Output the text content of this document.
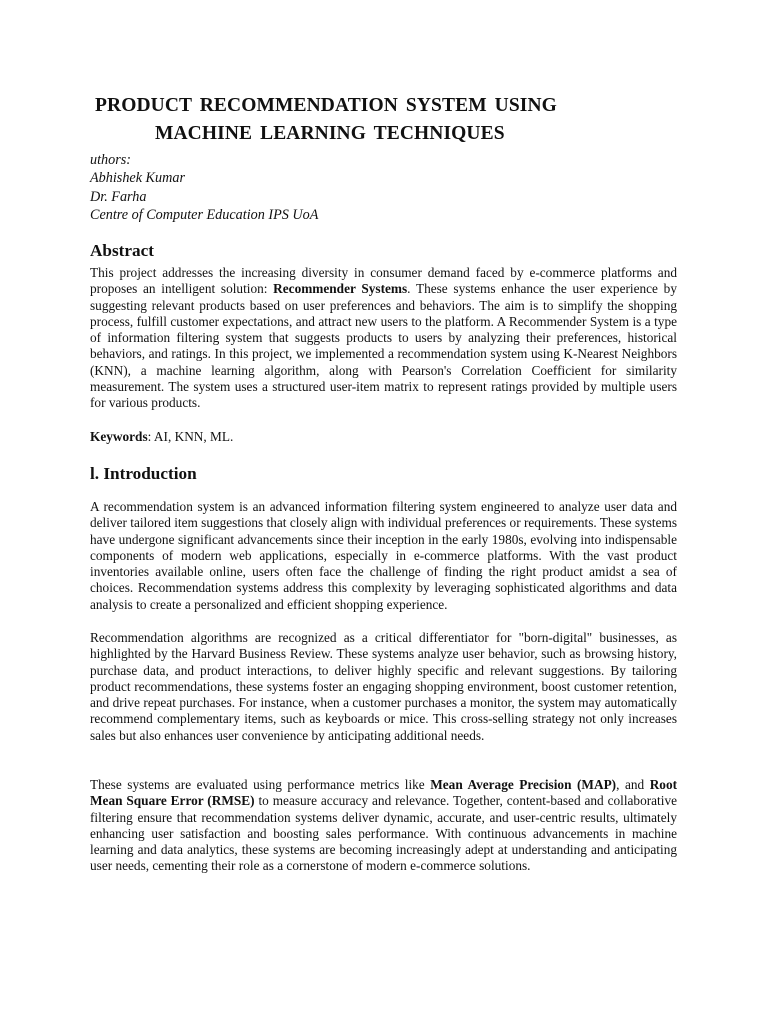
PRODUCT RECOMMENDATION SYSTEM USING
MACHINE LEARNING TECHNIQUES
uthors:
Abhishek Kumar
Dr. Farha
Centre of Computer Education IPS UoA
Abstract

This project addresses the increasing diversity in consumer demand faced by e-commerce platforms and proposes an intelligent solution: Recommender Systems. These systems enhance the user experience by suggesting relevant products based on user preferences and behaviors. The aim is to simplify the shopping process, fulfill customer expectations, and attract new users to the platform. A Recommender System is a type of information filtering system that suggests products to users by analyzing their preferences, historical behaviors, and ratings. In this project, we implemented a recommendation system using K-Nearest Neighbors (KNN), a machine learning algorithm, along with Pearson's Correlation Coefficient for similarity measurement. The system uses a structured user-item matrix to represent ratings provided by multiple users for various products.

Keywords: AI, KNN, ML.

l. Introduction

A recommendation system is an advanced information filtering system engineered to analyze user data and deliver tailored item suggestions that closely align with individual preferences or requirements. These systems have undergone significant advancements since their inception in the early 1980s, evolving into indispensable components of modern web applications, especially in e-commerce platforms. With the vast product inventories available online, users often face the challenge of finding the right product amidst a sea of choices. Recommendation systems address this complexity by leveraging sophisticated algorithms and data analysis to create a personalized and efficient shopping experience.

Recommendation algorithms are recognized as a critical differentiator for "born-digital" businesses, as highlighted by the Harvard Business Review. These systems analyze user behavior, such as browsing history, purchase data, and product interactions, to deliver highly specific and relevant suggestions. By tailoring product recommendations, these systems foster an engaging shopping environment, boost customer retention, and drive repeat purchases. For instance, when a customer purchases a monitor, the system may automatically recommend complementary items, such as keyboards or mice. This cross-selling strategy not only increases sales but also enhances user convenience by anticipating additional needs.

These systems are evaluated using performance metrics like Mean Average Precision (MAP), and Root Mean Square Error (RMSE) to measure accuracy and relevance. Together, content-based and collaborative filtering ensure that recommendation systems deliver dynamic, accurate, and user-centric results, ultimately enhancing user satisfaction and boosting sales performance. With continuous advancements in machine learning and data analytics, these systems are becoming increasingly adept at understanding and anticipating user needs, cementing their role as a cornerstone of modern e-commerce solutions.
